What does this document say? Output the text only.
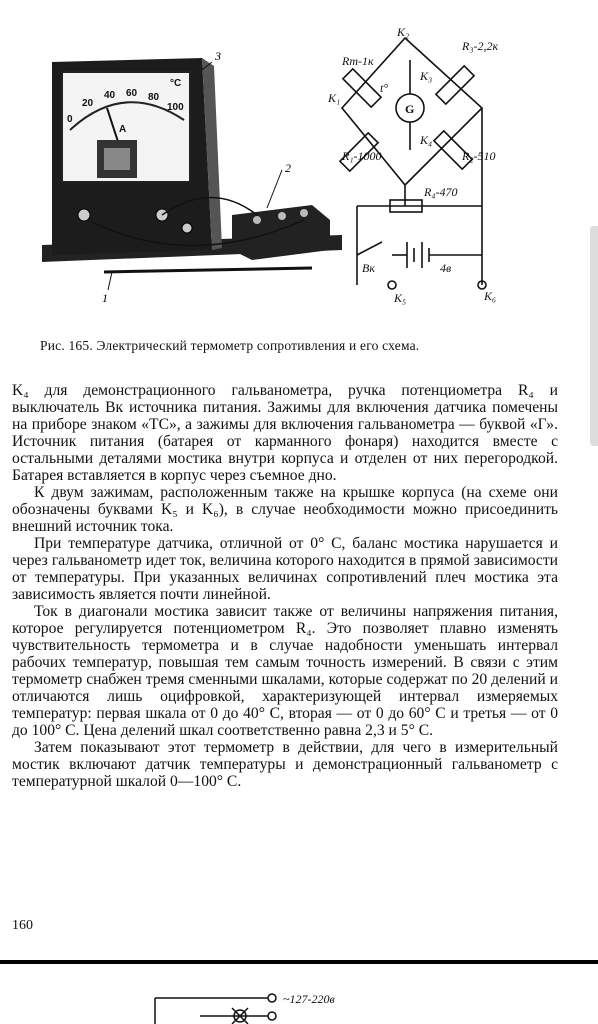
3
2
1
0
20
40 60 80
100
°C
A
K₂
K₁
K₃
K₄
K₅	K₆
Rт-1к
R₃-2,2к
R₁-1000	R₂-510
R₄-470
G
Вк	4в
t°
Рис. 165. Электрический термометр сопротивления и его схема.

K₄ для демонстрационного гальванометра, ручка потенциометра R₄ и выключатель Вк источника питания. Зажимы для включения датчика помечены на приборе знаком «ТС», а зажимы для включения гальванометра — буквой «Г». Источник питания (батарея от карманного фонаря) находится вместе с остальными деталями мостика внутри корпуса и отделен от них перегородкой. Батарея вставляется в корпус через съемное дно.

К двум зажимам, расположенным также на крышке корпуса (на схеме они обозначены буквами K₅ и K₆), в случае необходимости можно присоединить внешний источник тока.

При температуре датчика, отличной от 0° С, баланс мостика нарушается и через гальванометр идет ток, величина которого находится в прямой зависимости от температуры. При указанных величинах сопротивлений плеч мостика эта зависимость является почти линейной.

Ток в диагонали мостика зависит также от величины напряжения питания, которое регулируется потенциометром R₄. Это позволяет плавно изменять чувствительность термометра и в случае надобности уменьшать интервал рабочих температур, повышая тем самым точность измерений. В связи с этим термометр снабжен тремя сменными шкалами, которые содержат по 20 делений и отличаются лишь оцифровкой, характеризующей интервал измеряемых температур: первая шкала от 0 до 40° С, вторая — от 0 до 60° С и третья — от 0 до 100° С. Цена делений шкал соответственно равна 2,3 и 5° С.

Затем показывают этот термометр в действии, для чего в измерительный мостик включают датчик температуры и демонстрационный гальванометр с температурной шкалой 0—100° С.

160
~127-220в
